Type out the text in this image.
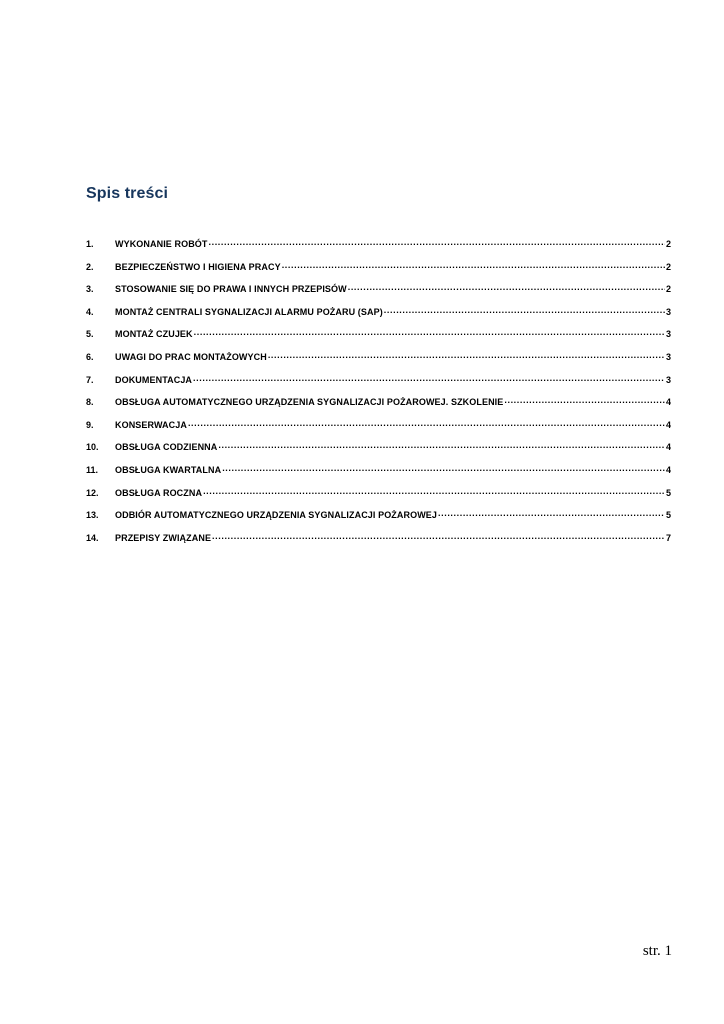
Spis treści
1.	WYKONANIE ROBÓT .....	2
2.	BEZPIECZEŃSTWO I HIGIENA PRACY .....	2
3.	STOSOWANIE SIĘ DO PRAWA I INNYCH PRZEPISÓW .....	2
4.	MONTAŻ CENTRALI SYGNALIZACJI ALARMU POŻARU (SAP) .....	3
5.	MONTAŻ CZUJEK .....	3
6.	UWAGI DO PRAC MONTAŻOWYCH .....	3
7.	DOKUMENTACJA .....	3
8.	OBSŁUGA AUTOMATYCZNEGO URZĄDZENIA SYGNALIZACJI POŻAROWEJ. SZKOLENIE .....	4
9.	KONSERWACJA .....	4
10.	OBSŁUGA CODZIENNA .....	4
11.	OBSŁUGA KWARTALNA .....	4
12.	OBSŁUGA ROCZNA .....	5
13.	ODBIÓR AUTOMATYCZNEGO URZĄDZENIA SYGNALIZACJI POŻAROWEJ .....	5
14.	PRZEPISY ZWIĄZANE .....	7
str. 1
